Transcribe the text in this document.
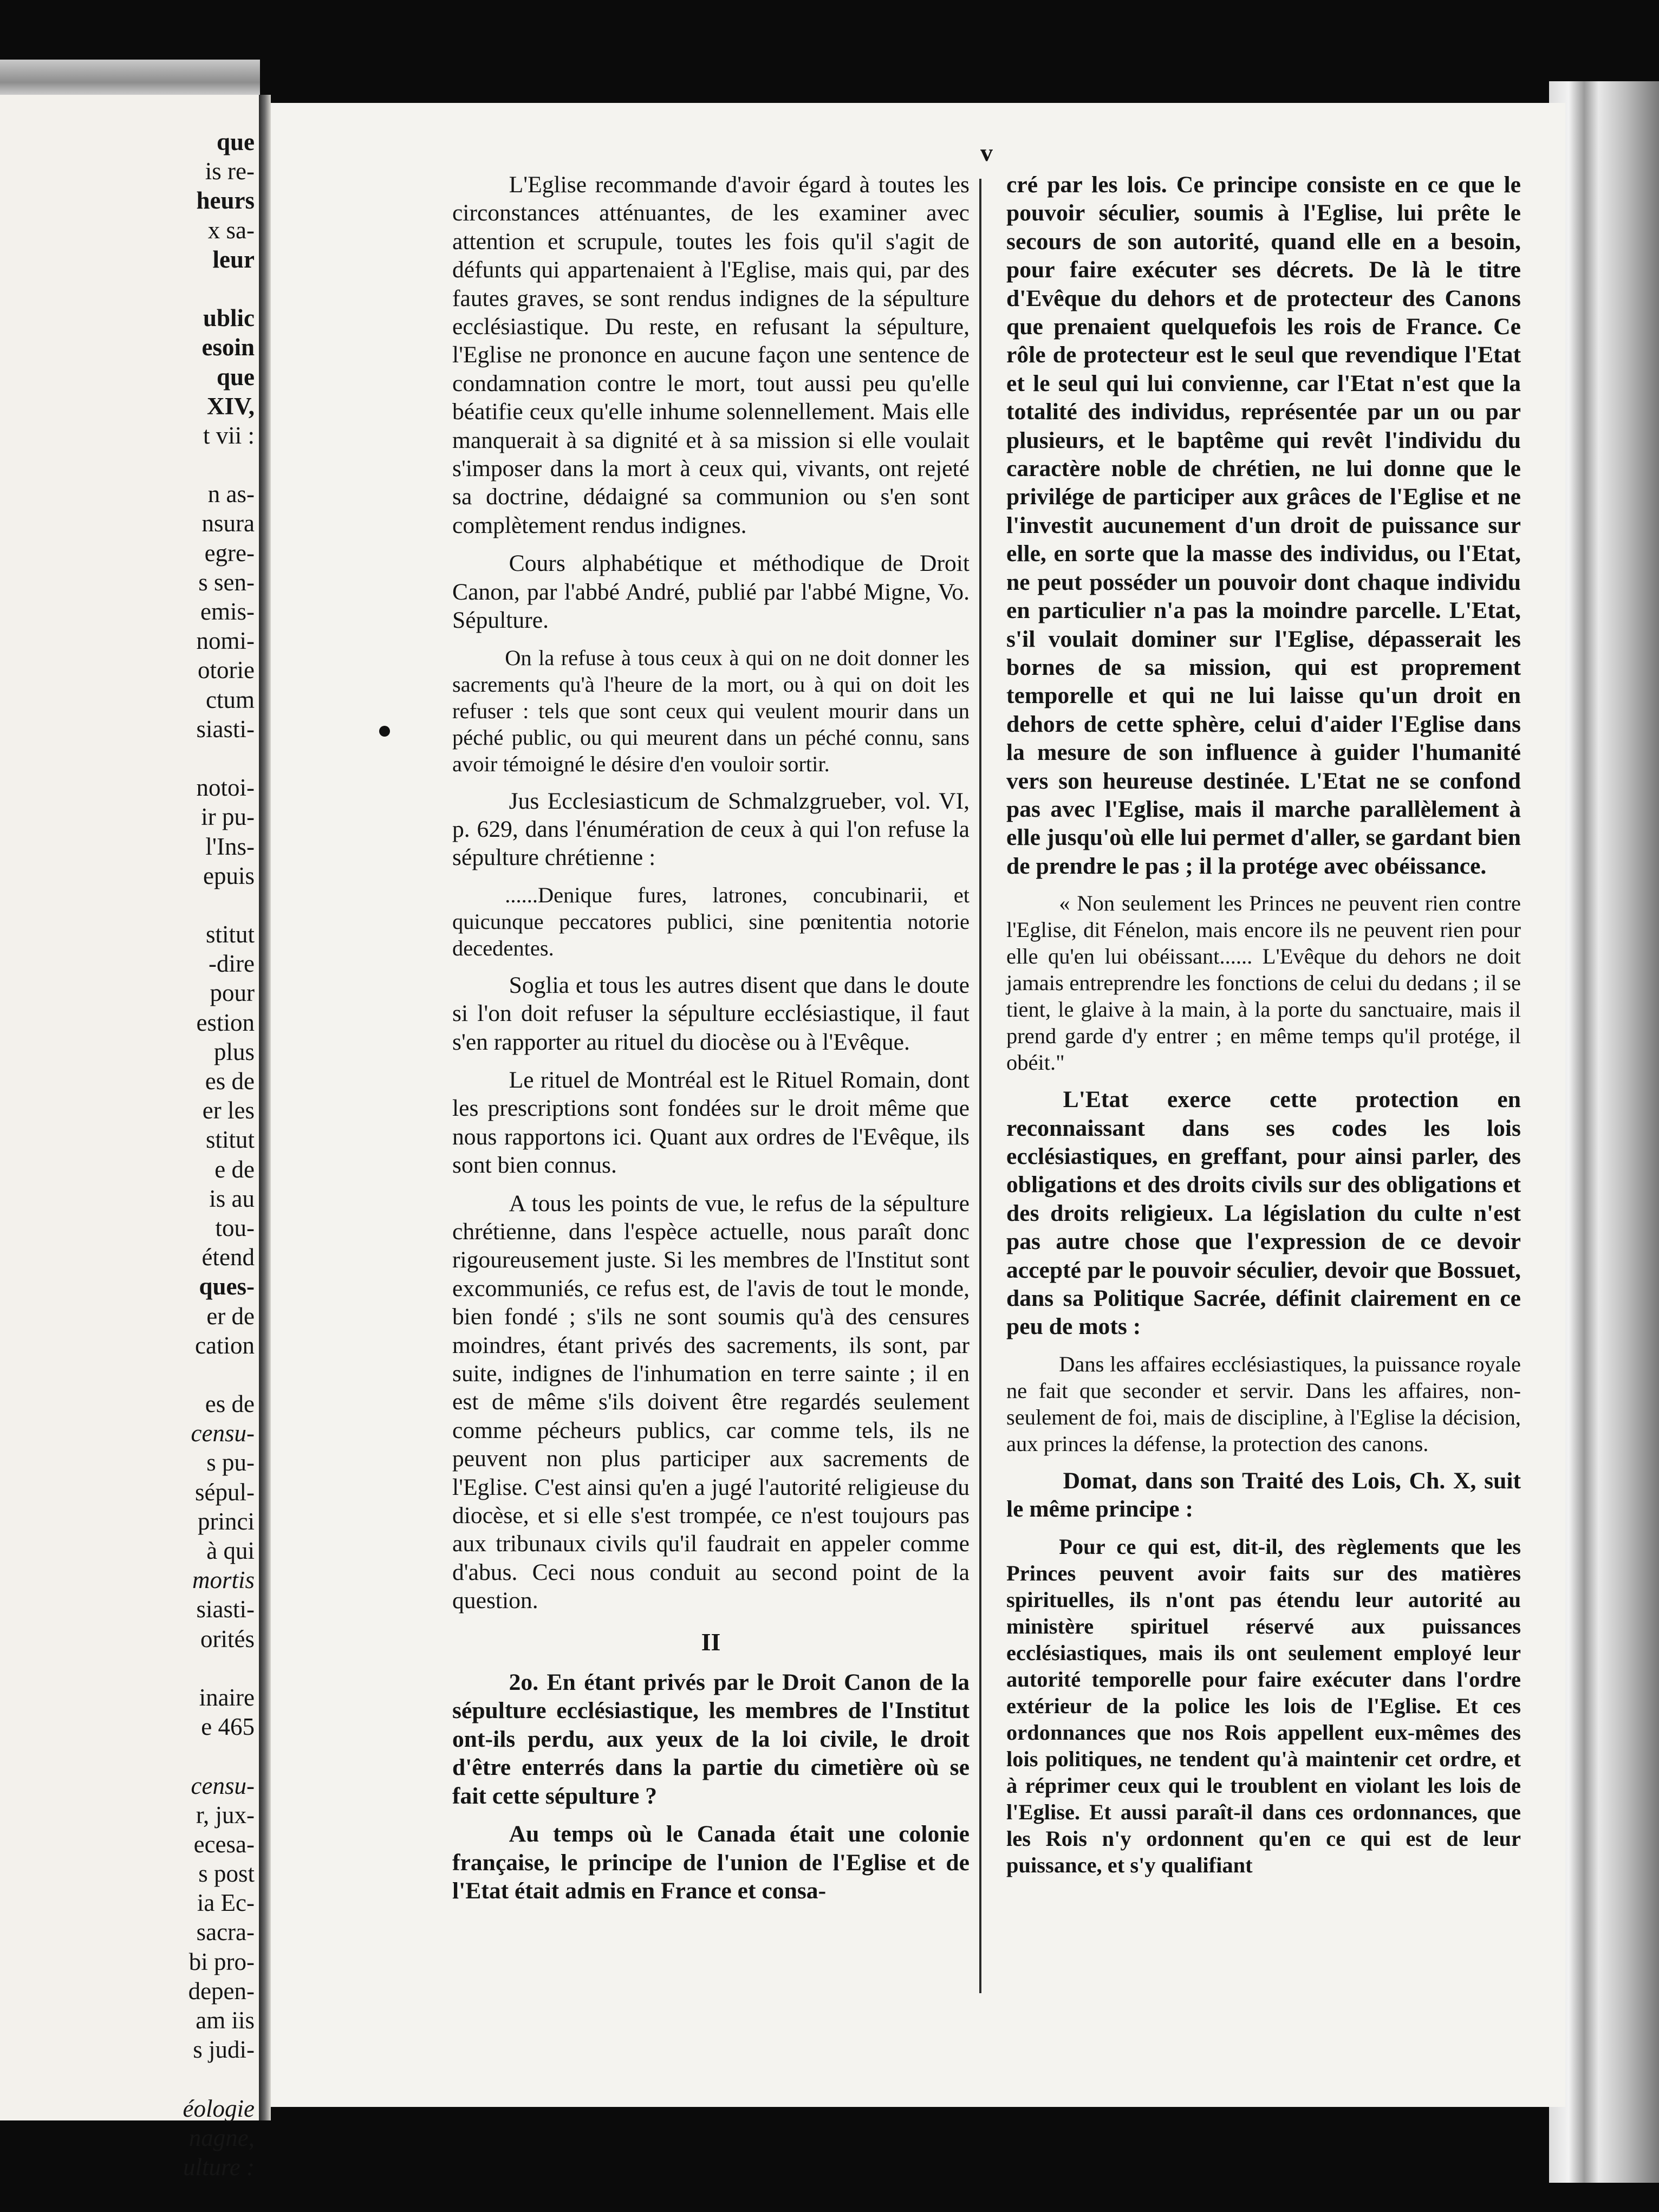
que
is re-
heurs
x sa-
leur
ublic
esoin
que
XIV,
t vii :
n as-
nsura
egre-
s sen-
emis-
nomi-
otorie
ctum
siasti-
notoi-
ir pu-
l'Ins-
epuis
stitut
-dire
pour
estion
plus
es de
er les
stitut
e de
is au
tou-
étend
ques-
er de
cation
es de
censu-
s pu-
sépul-
princi
à qui
mortis
siasti-
orités
inaire
e 465
censu-
r, jux-
ecesa-
s post
ia Ec-
sacra-
bi pro-
depen-
am iis
s judi-
éologie
nagne,
ulture :
v

L'Eglise recommande d'avoir égard à toutes les circonstances atténuantes, de les examiner avec attention et scrupule, toutes les fois qu'il s'agit de défunts qui appartenaient à l'Eglise, mais qui, par des fautes graves, se sont rendus indignes de la sépulture ecclésiastique. Du reste, en refusant la sépulture, l'Eglise ne prononce en aucune façon une sentence de condamnation contre le mort, tout aussi peu qu'elle béatifie ceux qu'elle inhume solennellement. Mais elle manquerait à sa dignité et à sa mission si elle voulait s'imposer dans la mort à ceux qui, vivants, ont rejeté sa doctrine, dédaigné sa communion ou s'en sont complètement rendus indignes.

Cours alphabétique et méthodique de Droit Canon, par l'abbé André, publié par l'abbé Migne, Vo. Sépulture.

On la refuse à tous ceux à qui on ne doit donner les sacrements qu'à l'heure de la mort, ou à qui on doit les refuser : tels que sont ceux qui veulent mourir dans un péché public, ou qui meurent dans un péché connu, sans avoir témoigné le désire d'en vouloir sortir.

Jus Ecclesiasticum de Schmalzgrueber, vol. VI, p. 629, dans l'énumération de ceux à qui l'on refuse la sépulture chrétienne :

......Denique fures, latrones, concubinarii, et quicunque peccatores publici, sine pœnitentia notorie decedentes.

Soglia et tous les autres disent que dans le doute si l'on doit refuser la sépulture ecclésiastique, il faut s'en rapporter au rituel du diocèse ou à l'Evêque.

Le rituel de Montréal est le Rituel Romain, dont les prescriptions sont fondées sur le droit même que nous rapportons ici. Quant aux ordres de l'Evêque, ils sont bien connus.

A tous les points de vue, le refus de la sépulture chrétienne, dans l'espèce actuelle, nous paraît donc rigoureusement juste. Si les membres de l'Institut sont excommuniés, ce refus est, de l'avis de tout le monde, bien fondé ; s'ils ne sont soumis qu'à des censures moindres, étant privés des sacrements, ils sont, par suite, indignes de l'inhumation en terre sainte ; il en est de même s'ils doivent être regardés seulement comme pécheurs publics, car comme tels, ils ne peuvent non plus participer aux sacrements de l'Eglise. C'est ainsi qu'en a jugé l'autorité religieuse du diocèse, et si elle s'est trompée, ce n'est toujours pas aux tribunaux civils qu'il faudrait en appeler comme d'abus. Ceci nous conduit au second point de la question.

II

2o. En étant privés par le Droit Canon de la sépulture ecclésiastique, les membres de l'Institut ont-ils perdu, aux yeux de la loi civile, le droit d'être enterrés dans la partie du cimetière où se fait cette sépulture ?

Au temps où le Canada était une colonie française, le principe de l'union de l'Eglise et de l'Etat était admis en France et consa-

cré par les lois. Ce principe consiste en ce que le pouvoir séculier, soumis à l'Eglise, lui prête le secours de son autorité, quand elle en a besoin, pour faire exécuter ses décrets. De là le titre d'Evêque du dehors et de protecteur des Canons que prenaient quelquefois les rois de France. Ce rôle de protecteur est le seul que revendique l'Etat et le seul qui lui convienne, car l'Etat n'est que la totalité des individus, représentée par un ou par plusieurs, et le baptême qui revêt l'individu du caractère noble de chrétien, ne lui donne que le privilége de participer aux grâces de l'Eglise et ne l'investit aucunement d'un droit de puissance sur elle, en sorte que la masse des individus, ou l'Etat, ne peut posséder un pouvoir dont chaque individu en particulier n'a pas la moindre parcelle. L'Etat, s'il voulait dominer sur l'Eglise, dépasserait les bornes de sa mission, qui est proprement temporelle et qui ne lui laisse qu'un droit en dehors de cette sphère, celui d'aider l'Eglise dans la mesure de son influence à guider l'humanité vers son heureuse destinée. L'Etat ne se confond pas avec l'Eglise, mais il marche parallèlement à elle jusqu'où elle lui permet d'aller, se gardant bien de prendre le pas ; il la protége avec obéissance.

« Non seulement les Princes ne peuvent rien contre l'Eglise, dit Fénelon, mais encore ils ne peuvent rien pour elle qu'en lui obéissant...... L'Evêque du dehors ne doit jamais entreprendre les fonctions de celui du dedans ; il se tient, le glaive à la main, à la porte du sanctuaire, mais il prend garde d'y entrer ; en même temps qu'il protége, il obéit."

L'Etat exerce cette protection en reconnaissant dans ses codes les lois ecclésiastiques, en greffant, pour ainsi parler, des obligations et des droits civils sur des obligations et des droits religieux. La législation du culte n'est pas autre chose que l'expression de ce devoir accepté par le pouvoir séculier, devoir que Bossuet, dans sa Politique Sacrée, définit clairement en ce peu de mots :

Dans les affaires ecclésiastiques, la puissance royale ne fait que seconder et servir. Dans les affaires, non-seulement de foi, mais de discipline, à l'Eglise la décision, aux princes la défense, la protection des canons.

Domat, dans son Traité des Lois, Ch. X, suit le même principe :

Pour ce qui est, dit-il, des règlements que les Princes peuvent avoir faits sur des matières spirituelles, ils n'ont pas étendu leur autorité au ministère spirituel réservé aux puissances ecclésiastiques, mais ils ont seulement employé leur autorité temporelle pour faire exécuter dans l'ordre extérieur de la police les lois de l'Eglise. Et ces ordonnances que nos Rois appellent eux-mêmes des lois politiques, ne tendent qu'à maintenir cet ordre, et à réprimer ceux qui le troublent en violant les lois de l'Eglise. Et aussi paraît-il dans ces ordonnances, que les Rois n'y ordonnent qu'en ce qui est de leur puissance, et s'y qualifiant
